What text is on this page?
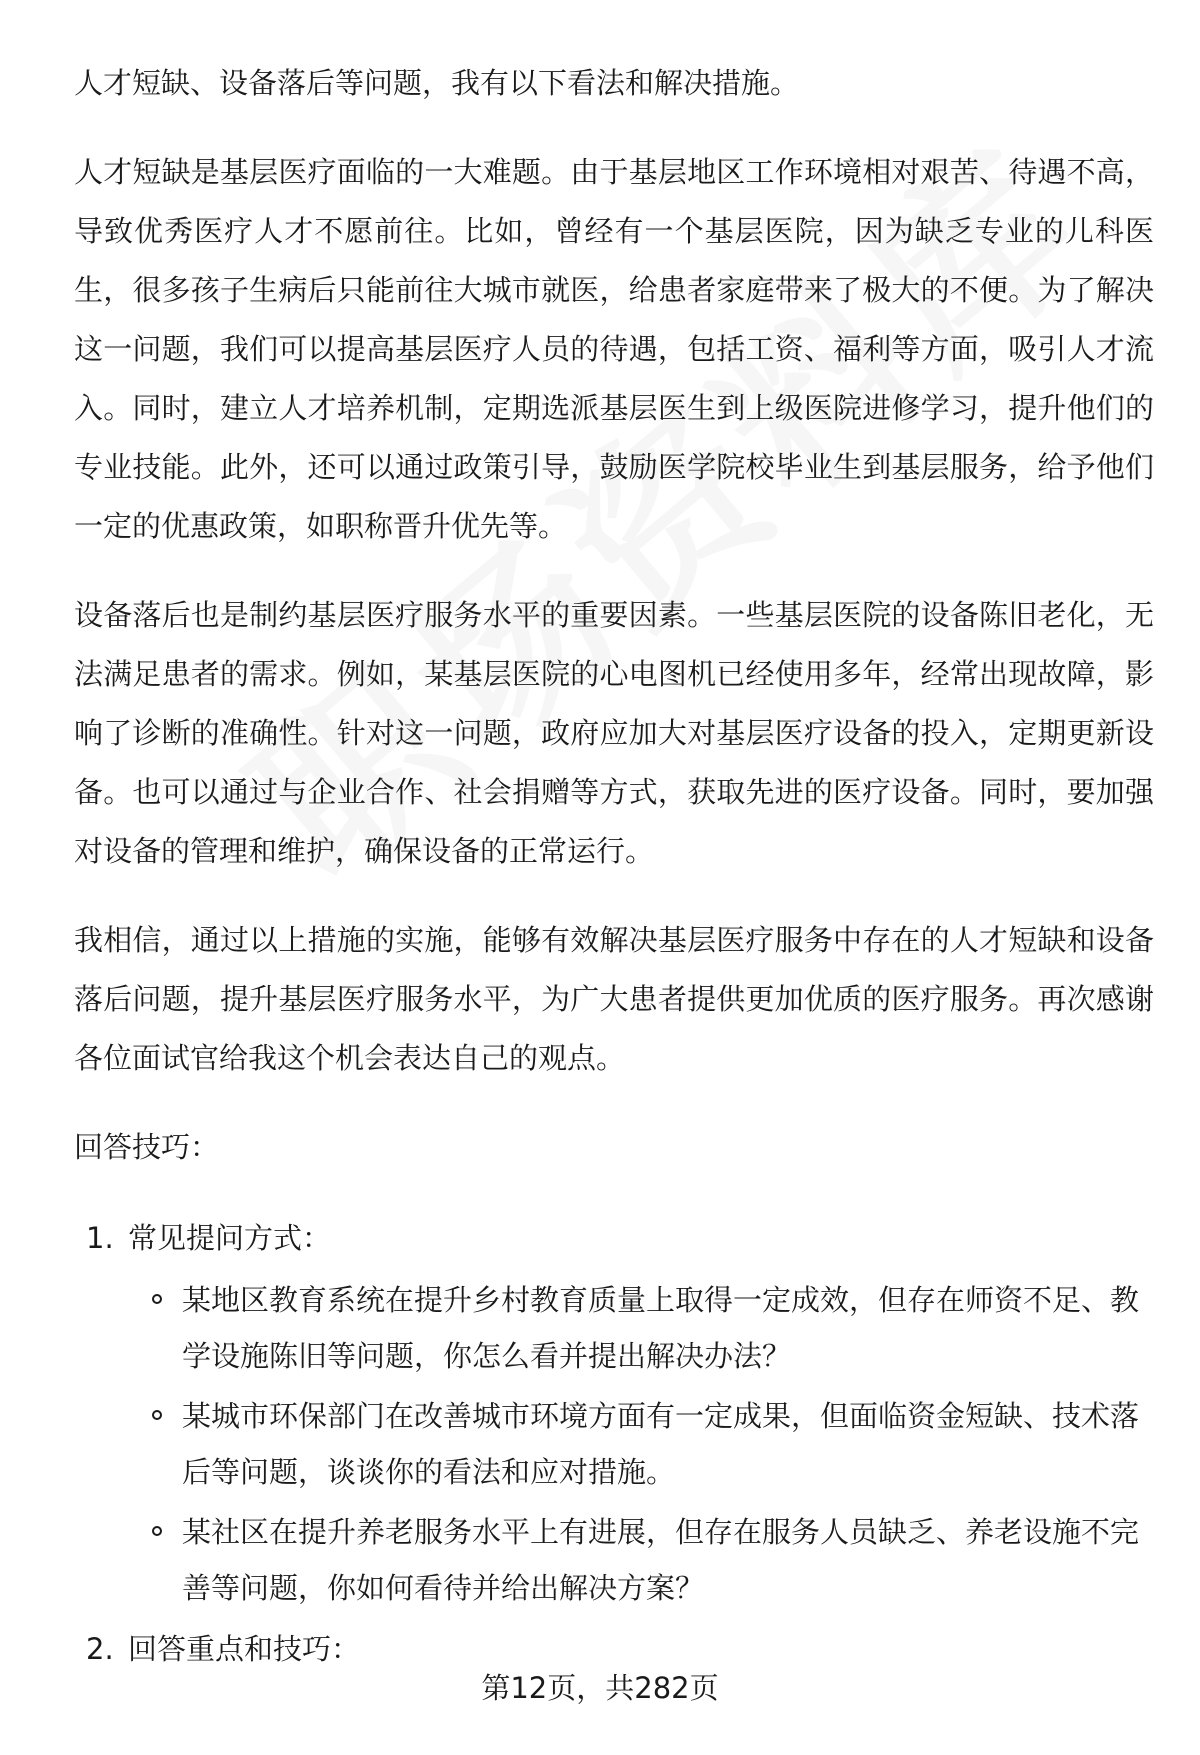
人才短缺、设备落后等问题，我有以下看法和解决措施。

人才短缺是基层医疗面临的一大难题。由于基层地区工作环境相对艰苦、待遇不高，导致优秀医疗人才不愿前往。比如，曾经有一个基层医院，因为缺乏专业的儿科医生，很多孩子生病后只能前往大城市就医，给患者家庭带来了极大的不便。为了解决这一问题，我们可以提高基层医疗人员的待遇，包括工资、福利等方面，吸引人才流入。同时，建立人才培养机制，定期选派基层医生到上级医院进修学习，提升他们的专业技能。此外，还可以通过政策引导，鼓励医学院校毕业生到基层服务，给予他们一定的优惠政策，如职称晋升优先等。

设备落后也是制约基层医疗服务水平的重要因素。一些基层医院的设备陈旧老化，无法满足患者的需求。例如，某基层医院的心电图机已经使用多年，经常出现故障，影响了诊断的准确性。针对这一问题，政府应加大对基层医疗设备的投入，定期更新设备。也可以通过与企业合作、社会捐赠等方式，获取先进的医疗设备。同时，要加强对设备的管理和维护，确保设备的正常运行。

我相信，通过以上措施的实施，能够有效解决基层医疗服务中存在的人才短缺和设备落后问题，提升基层医疗服务水平，为广大患者提供更加优质的医疗服务。再次感谢各位面试官给我这个机会表达自己的观点。

回答技巧：
1. 常见提问方式：
某地区教育系统在提升乡村教育质量上取得一定成效，但存在师资不足、教学设施陈旧等问题，你怎么看并提出解决办法？
某城市环保部门在改善城市环境方面有一定成果，但面临资金短缺、技术落后等问题，谈谈你的看法和应对措施。
某社区在提升养老服务水平上有进展，但存在服务人员缺乏、养老设施不完善等问题，你如何看待并给出解决方案？
2. 回答重点和技巧：
第12页，共282页
